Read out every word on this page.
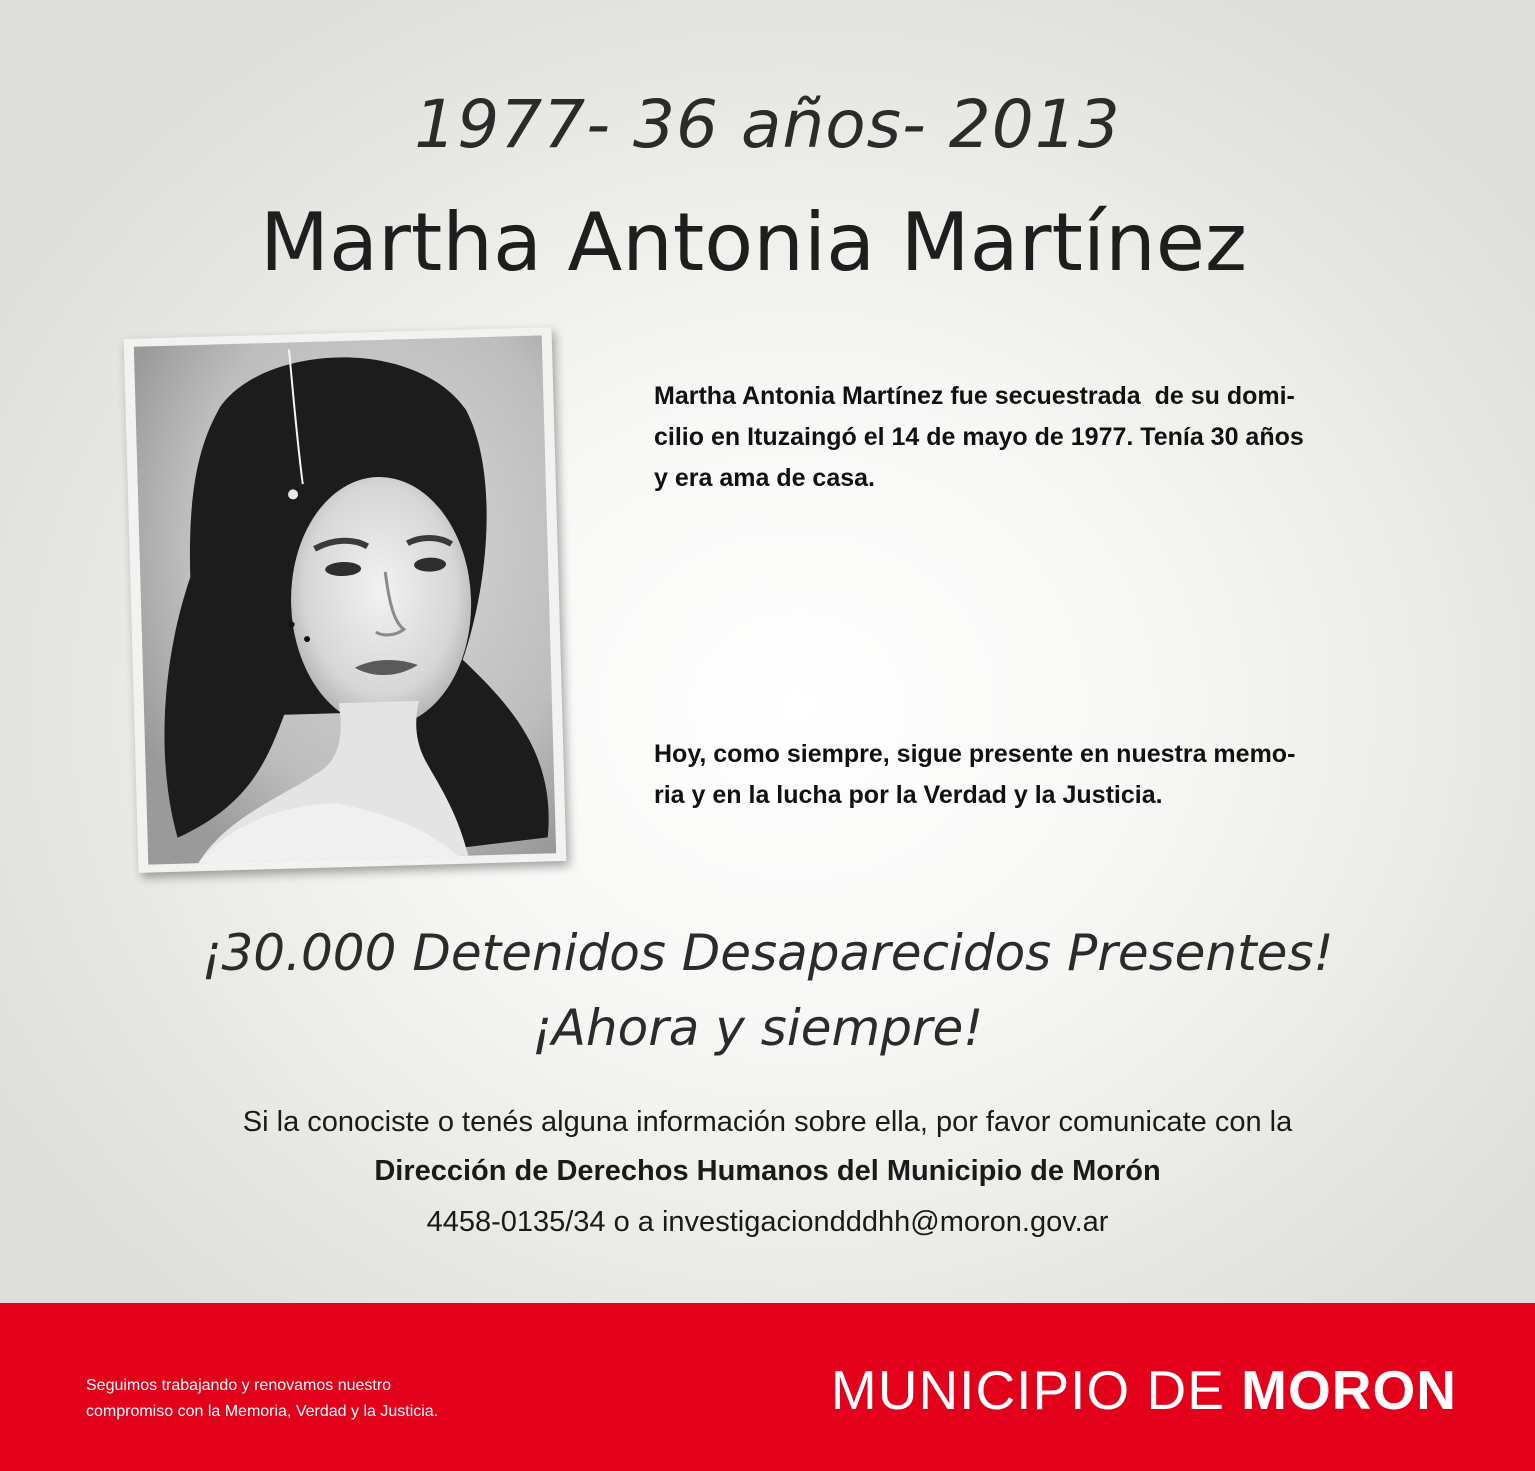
1977- 36 años- 2013
Martha Antonia Martínez

Martha Antonia Martínez fue secuestrada  de su domi-

cilio en Ituzaingó el 14 de mayo de 1977. Tenía 30 años

y era ama de casa.

Hoy, como siempre, sigue presente en nuestra memo-

ria y en la lucha por la Verdad y la Justicia.

¡30.000 Detenidos Desaparecidos Presentes!
¡Ahora y siempre!
Si la conociste o tenés alguna información sobre ella, por favor comunicate con la
Dirección de Derechos Humanos del Municipio de Morón
4458-0135/34 o a investigaciondddhh@moron.gov.ar

Seguimos trabajando y renovamos nuestro

compromiso con la Memoria, Verdad y la Justicia.	MUNICIPIO DE MORON
